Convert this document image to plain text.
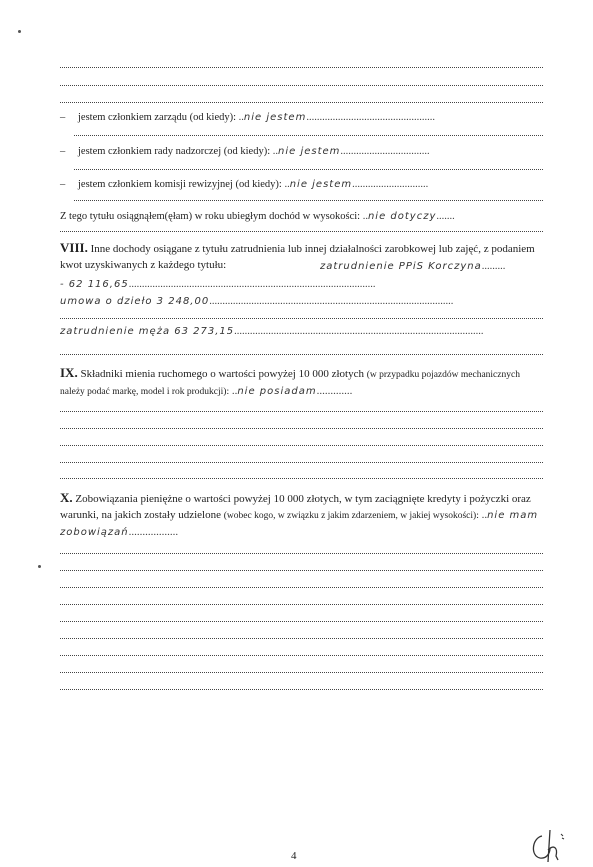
– jestem członkiem zarządu (od kiedy): ..nie jestem.................................................
– jestem członkiem rady nadzorczej (od kiedy): ..nie jestem..................................
– jestem członkiem komisji rewizyjnej (od kiedy): ..nie jestem.............................
Z tego tytułu osiągnąłem(ęłam) w roku ubiegłym dochód w wysokości: ..nie dotyczy.......
VIII. Inne dochody osiągane z tytułu zatrudnienia lub innej działalności zarobkowej lub zajęć, z podaniem kwot uzyskiwanych z każdego tytułu:	zatrudnienie PPiS Korczyna.........
- 62 116,65..............................................................................................
umowa o dzieło 3 248,00.............................................................................................
zatrudnienie męża 63 273,15...............................................................................................
IX. Składniki mienia ruchomego o wartości powyżej 10 000 złotych (w przypadku pojazdów mechanicznych należy podać markę, model i rok produkcji): ..nie posiadam.............
X. Zobowiązania pieniężne o wartości powyżej 10 000 złotych, w tym zaciągnięte kredyty i pożyczki oraz warunki, na jakich zostały udzielone (wobec kogo, w związku z jakim zdarzeniem, w jakiej wysokości): ..nie mam zobowiązań..................
4
